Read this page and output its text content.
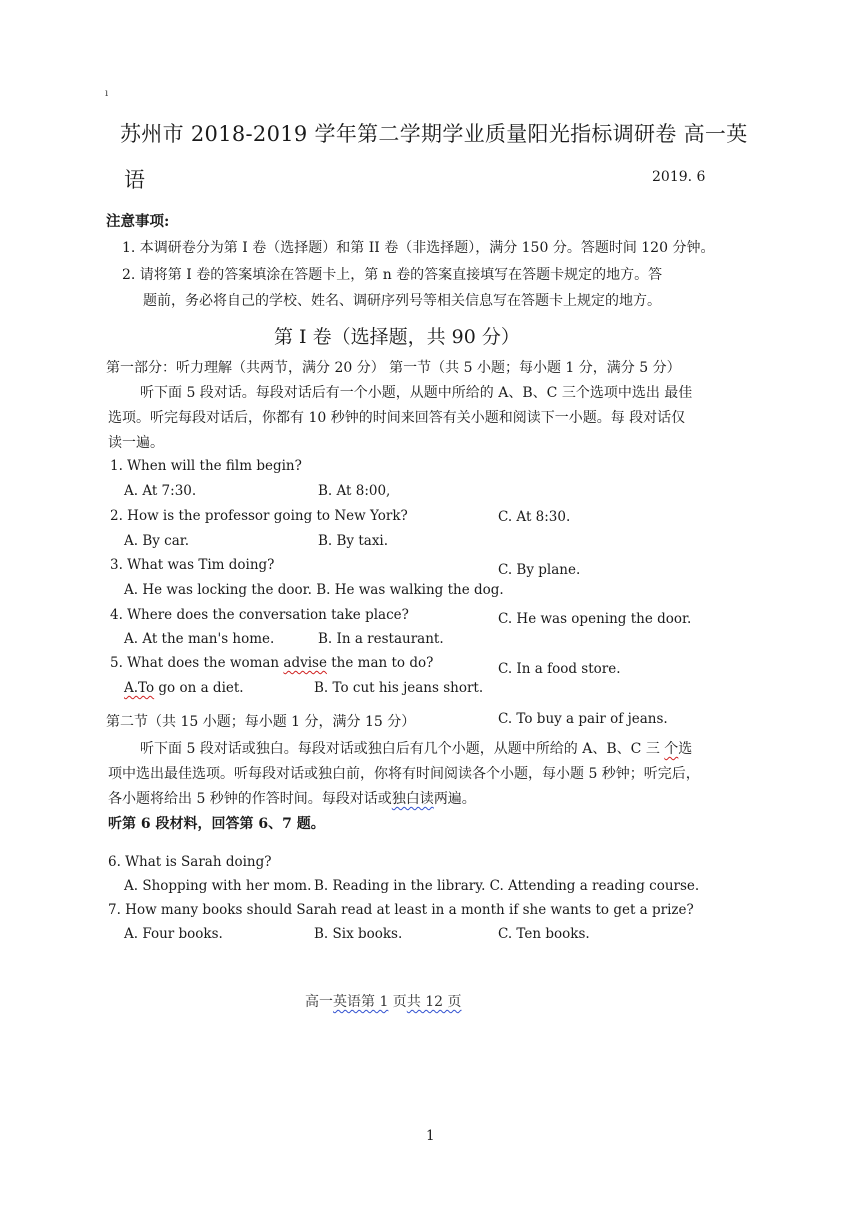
ı
苏州市 2018-2019 学年第二学期学业质量阳光指标调研卷 高一英
语	2019. 6
注意事项:
1. 本调研卷分为第 I 卷（选择题）和第 II 卷（非选择题），满分 150 分。答题时间 120 分钟。
2. 请将第 I 卷的答案填涂在答题卡上，第 n 卷的答案直接填写在答题卡规定的地方。答
题前，务必将自己的学校、姓名、调研序列号等相关信息写在答题卡上规定的地方。
第 I 卷（选择题，共 90 分）
第一部分：听力理解（共两节，满分 20 分） 第一节（共 5 小题；每小题 1 分，满分 5 分）
听下面 5 段对话。每段对话后有一个小题，从题中所给的 A、B、C 三个选项中选出 最佳
选项。听完每段对话后，你都有 10 秒钟的时间来回答有关小题和阅读下一小题。每 段对话仅
读一遍。
1. When will the film begin?
A. At 7:30.	B. At 8:00,
2. How is the professor going to New York?	C. At 8:30.
A. By car.	B. By taxi.
3. What was Tim doing?	C. By plane.
A. He was locking the door. B. He was walking the dog.
4. Where does the conversation take place?	C. He was opening the door.
A. At the man's home.	B. In a restaurant.
5. What does the woman advise the man to do?	C. In a food store.
A.To go on a diet.	B. To cut his jeans short.
第二节（共 15 小题；每小题 1 分，满分 15 分）	C. To buy a pair of jeans.
听下面 5 段对话或独白。每段对话或独白后有几个小题，从题中所给的 A、B、C 三 个选
项中选出最佳选项。听每段对话或独白前，你将有时间阅读各个小题，每小题 5 秒钟；听完后，
各小题将给出 5 秒钟的作答时间。每段对话或独白读两遍。
听第 6 段材料，回答第 6、7 题。
6. What is Sarah doing?
A. Shopping with her mom. B. Reading in the library. C. Attending a reading course.
7. How many books should Sarah read at least in a month if she wants to get a prize?
A. Four books.	B. Six books.	C. Ten books.
高一英语第 1 页共 12 页
1
